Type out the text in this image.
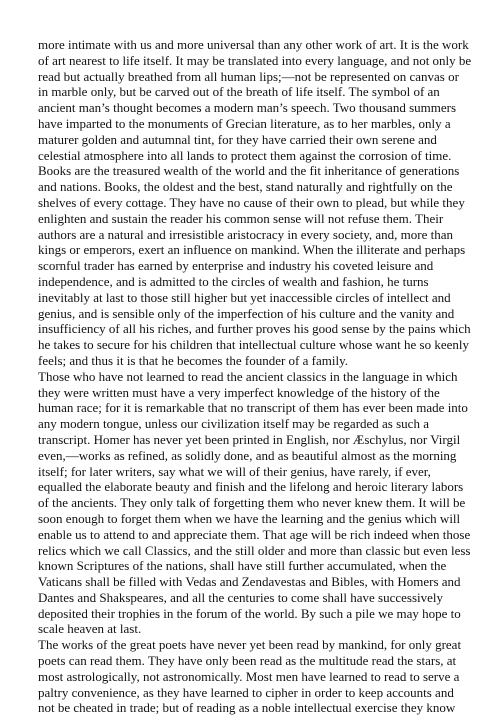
more intimate with us and more universal than any other work of art. It is the work
of art nearest to life itself. It may be translated into every language, and not only be
read but actually breathed from all human lips;—not be represented on canvas or
in marble only, but be carved out of the breath of life itself. The symbol of an
ancient man’s thought becomes a modern man’s speech. Two thousand summers
have imparted to the monuments of Grecian literature, as to her marbles, only a
maturer golden and autumnal tint, for they have carried their own serene and
celestial atmosphere into all lands to protect them against the corrosion of time.
Books are the treasured wealth of the world and the fit inheritance of generations
and nations. Books, the oldest and the best, stand naturally and rightfully on the
shelves of every cottage. They have no cause of their own to plead, but while they
enlighten and sustain the reader his common sense will not refuse them. Their
authors are a natural and irresistible aristocracy in every society, and, more than
kings or emperors, exert an influence on mankind. When the illiterate and perhaps
scornful trader has earned by enterprise and industry his coveted leisure and
independence, and is admitted to the circles of wealth and fashion, he turns
inevitably at last to those still higher but yet inaccessible circles of intellect and
genius, and is sensible only of the imperfection of his culture and the vanity and
insufficiency of all his riches, and further proves his good sense by the pains which
he takes to secure for his children that intellectual culture whose want he so keenly
feels; and thus it is that he becomes the founder of a family.

Those who have not learned to read the ancient classics in the language in which
they were written must have a very imperfect knowledge of the history of the
human race; for it is remarkable that no transcript of them has ever been made into
any modern tongue, unless our civilization itself may be regarded as such a
transcript. Homer has never yet been printed in English, nor Æschylus, nor Virgil
even,—works as refined, as solidly done, and as beautiful almost as the morning
itself; for later writers, say what we will of their genius, have rarely, if ever,
equalled the elaborate beauty and finish and the lifelong and heroic literary labors
of the ancients. They only talk of forgetting them who never knew them. It will be
soon enough to forget them when we have the learning and the genius which will
enable us to attend to and appreciate them. That age will be rich indeed when those
relics which we call Classics, and the still older and more than classic but even less
known Scriptures of the nations, shall have still further accumulated, when the
Vaticans shall be filled with Vedas and Zendavestas and Bibles, with Homers and
Dantes and Shakspeares, and all the centuries to come shall have successively
deposited their trophies in the forum of the world. By such a pile we may hope to
scale heaven at last.

The works of the great poets have never yet been read by mankind, for only great
poets can read them. They have only been read as the multitude read the stars, at
most astrologically, not astronomically. Most men have learned to read to serve a
paltry convenience, as they have learned to cipher in order to keep accounts and
not be cheated in trade; but of reading as a noble intellectual exercise they know
